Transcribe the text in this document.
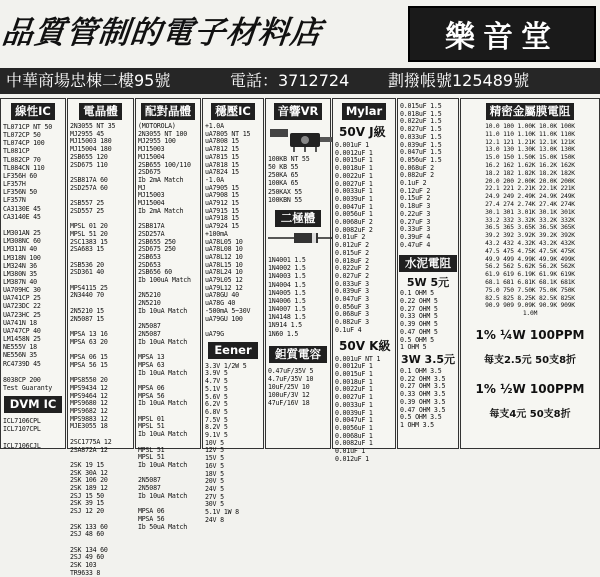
品質管制的電子材料店	樂音堂
中華商場忠棟二樓95號	電話：3712724 劃撥帳號125489號
線性IC
TL071CP NT 50
TL072CP 50
TL074CP 100
TL081CP
TL082CP 70
TL084CN 110
LF356H 60
LF357H
LF356N 50
LF357N
CA3130E 45
CA3140E 45

LM301AN 25
LM308NC 60
LM311N 40
LM318N 100
LM324N 36
LM380N 35
LM387N 40
UA709HC 30
UA741CP 25
UA723DC 22
UA723HC 25
UA741N 18
UA747CP 40
LM1458N 25
NE555V 18
NE556N 35
RC4739D 45

8038CP 200
Test Guaranty
DVM IC
ICL7106CPL
ICL7107CPL

ICL7106CJL
電晶體
2N3055 NT 35
MJ2955 45
MJ15003 180
MJ15004 180
2SB655 120
2SD675 110

2SB817A 60
2SD257A 60

2SB557 25
2SD557 25

MPSL 01 20
MPSL 51 20
2SC1383 15
2SA683 15

2SB536 20
2SD361 40

MPS4115 25
2N3440 70

2N5210 15
2N5087 15

MPSA 13 16
MPSA 63 20

MPSA 06 15
MPSA 56 15

MPS8550 20
MPS9434 12
MPS9464 12
MPS9680 12
MPS9682 12
MPS9883 12
MJE3055 18

2SC1775A 12
2SA872A 12

2SK 19 15
2SK 30A 12
2SK 106 20
2SK 189 12
2SJ 15 50
2SK 39 15
2SJ 12 20

2SK 133 60
2SJ 48 60

2SK 134 60
2SJ 49 60
2SK 103
TR9633 8
配對晶體
(MOTOROLA)
2N3055 NT 100
MJ2955 100
MJ15003
MJ15004
2SB655 100/110
2SD675
Ib 2mA Match
MJ
MJ15003
MJ15004
Ib 2mA Match

2SB817A
2SD257A
2SB655 250
2SD675 250
2SB653
2SD653
2SB656 60
Ib 100uA Match

2N5210
2N5210
Ib 10uA Match

2N5087
2N5087
Ib 10uA Match

MPSA 13
MPSA 63
Ib 10uA Match

MPSA 06
MPSA 56
Ib 10uA Match

MPSL 01
MPSL 51
Ib 10uA Match

MPSL 51
MPSL 51
Ib 10uA Match

2N5087
2N5087
Ib 10uA Match

MPSA 06
MPSA 56
Ib 50uA Match
穩壓IC
+1.0A
uA7805 NT 15
uA7808 15
uA7812 15
uA7815 15
uA7818 15
uA7824 15
-1.0A
uA7905 15
uA7908 15
uA7912 15
uA7915 15
uA7918 15
uA7924 15
+100mA
uA78L05 10
uA78L08 10
uA78L12 10
uA78L15 10
uA78L24 10
uA79L05 12
uA79L12 12
uA78GU 40
uA78G 40
-500mA 5~30V
uA79GU 100

uA79G
Eener
3.3V 1/2W 5
3.9V 5
4.7V 5
5.1V 5
5.6V 5
6.2V 5
6.8V 5
7.5V 5
8.2V 5
9.1V 5
10V 5
12V 5
15V 5
16V 5
18V 5
20V 5
24V 5
27V 5
30V 5
5.1V 1W 8
24V 8
音響VR
100KB NT 55
50 KB 55
250KA 65
100KA 65
250KAX 55
100KBN 55
二極體

1N4001 1.5
1N4002 1.5
1N4003 1.5
1N4004 1.5
1N4005 1.5
1N4006 1.5
1N4007 1.5
1N4148 1.5
1N914 1.5
1N60 1.5
鉭質電容
0.47uF/35V 5
4.7uF/35V 10
10uF/25V 10
100uF/3V 12
47uF/16V 18
Mylar
50V J級
0.001uF 1
0.0012uF 1
0.0015uF 1
0.0018uF 1
0.0022uF 1
0.0027uF 1
0.0033uF 1
0.0039uF 1
0.0047uF 1
0.0056uF 1
0.0068uF 2
0.0082uF 2
0.01uF 2
0.012uF 2
0.015uF 2
0.018uF 2
0.022uF 2
0.027uF 2
0.033uF 3
0.039uF 3
0.047uF 3
0.056uF 3
0.068uF 3
0.082uF 3
0.1uF 4
50V K級
0.001uF NT 1
0.0012uF 1
0.0015uF 1
0.0018uF 1
0.0022uF 1
0.0027uF 1
0.0033uF 1
0.0039uF 1
0.0047uF 1
0.0056uF 1
0.0068uF 1
0.0082uF 1
0.01uF 1
0.012uF 1
0.015uF 1.5
0.018uF 1.5
0.022uF 1.5
0.027uF 1.5
0.033uF 1.5
0.039uF 1.5
0.047uF 1.5
0.056uF 1.5
0.068uF 2
0.082uF 2
0.1uF 2
0.12uF 2
0.15uF 2
0.18uF 3
0.22uF 3
0.27uF 3
0.33uF 3
0.39uF 4
0.47uF 4
水泥電阻
5W 5元
0.1 OHM 5
0.22 OHM 5
0.27 OHM 5
0.33 OHM 5
0.39 OHM 5
0.47 OHM 5
0.5 OHM 5
1 OHM 5
3W 3.5元
0.1 OHM 3.5
0.22 OHM 3.5
0.27 OHM 3.5
0.33 OHM 3.5
0.39 OHM 3.5
0.47 OHM 3.5
0.5 OHM 3.5
1 OHM 3.5
精密金屬膜電阻
10.0 100 1.00K 10.0K 100K
11.0 110 1.10K 11.0K 110K
12.1 121 1.21K 12.1K 121K
13.0 130 1.30K 13.0K 130K
15.0 150 1.50K 15.0K 150K
16.2 162 1.62K 16.2K 162K
18.2 182 1.82K 18.2K 182K
20.0 200 2.00K 20.0K 200K
22.1 221 2.21K 22.1K 221K
24.9 249 2.49K 24.9K 249K
27.4 274 2.74K 27.4K 274K
30.1 301 3.01K 30.1K 301K
33.2 332 3.32K 33.2K 332K
36.5 365 3.65K 36.5K 365K
39.2 392 3.92K 39.2K 392K
43.2 432 4.32K 43.2K 432K
47.5 475 4.75K 47.5K 475K
49.9 499 4.99K 49.9K 499K
56.2 562 5.62K 56.2K 562K
61.9 619 6.19K 61.9K 619K
68.1 681 6.81K 68.1K 681K
75.0 750 7.50K 75.0K 750K
82.5 825 8.25K 82.5K 825K
90.9 909 9.09K 90.9K 909K
1.0M
1% ¼W 100PPM
每支2.5元 50支8折
1% ½W 100PPM
每支4元 50支8折
